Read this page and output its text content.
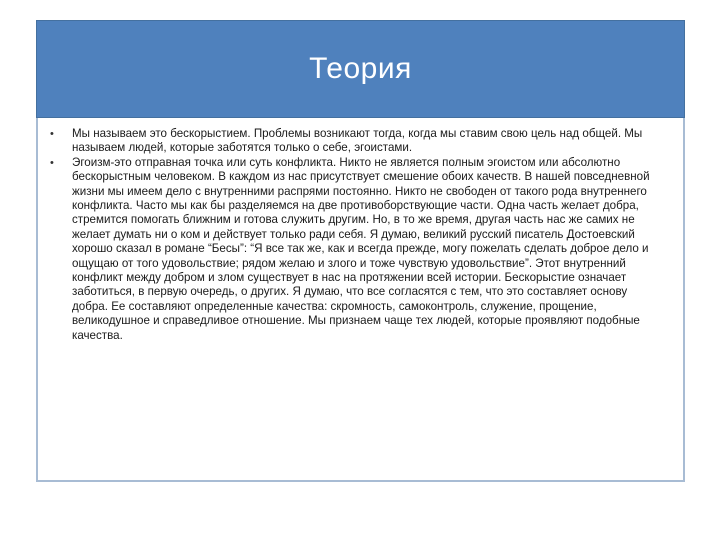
Теория
•	Мы называем это бескорыстием. Проблемы возникают тогда, когда мы ставим свою цель над общей. Мы называем людей, которые заботятся только о себе, эгоистами.
•	Эгоизм-это отправная точка или суть конфликта. Никто не является полным эгоистом или абсолютно бескорыстным человеком. В каждом из нас присутствует смешение обоих качеств. В нашей повседневной жизни мы имеем дело с внутренними распрями постоянно. Никто не свободен от такого рода внутреннего конфликта. Часто мы как бы разделяемся на две противоборствующие части. Одна часть желает добра, стремится помогать ближним и готова служить другим. Но, в то же время, другая часть нас же самих не желает думать ни о ком и действует только ради себя. Я думаю, великий русский писатель Достоевский хорошо сказал в романе “Бесы”: “Я все так же, как и всегда прежде, могу пожелать сделать доброе дело и ощущаю от того удовольствие; рядом желаю и злого и тоже чувствую удовольствие”. Этот внутренний конфликт между добром и злом существует в нас на протяжении всей истории. Бескорыстие означает заботиться, в первую очередь, о других. Я думаю, что все согласятся с тем, что это составляет основу добра. Ее составляют определенные качества: скромность, самоконтроль, служение, прощение, великодушное и справедливое отношение. Мы признаем чаще тех людей, которые проявляют подобные качества.
